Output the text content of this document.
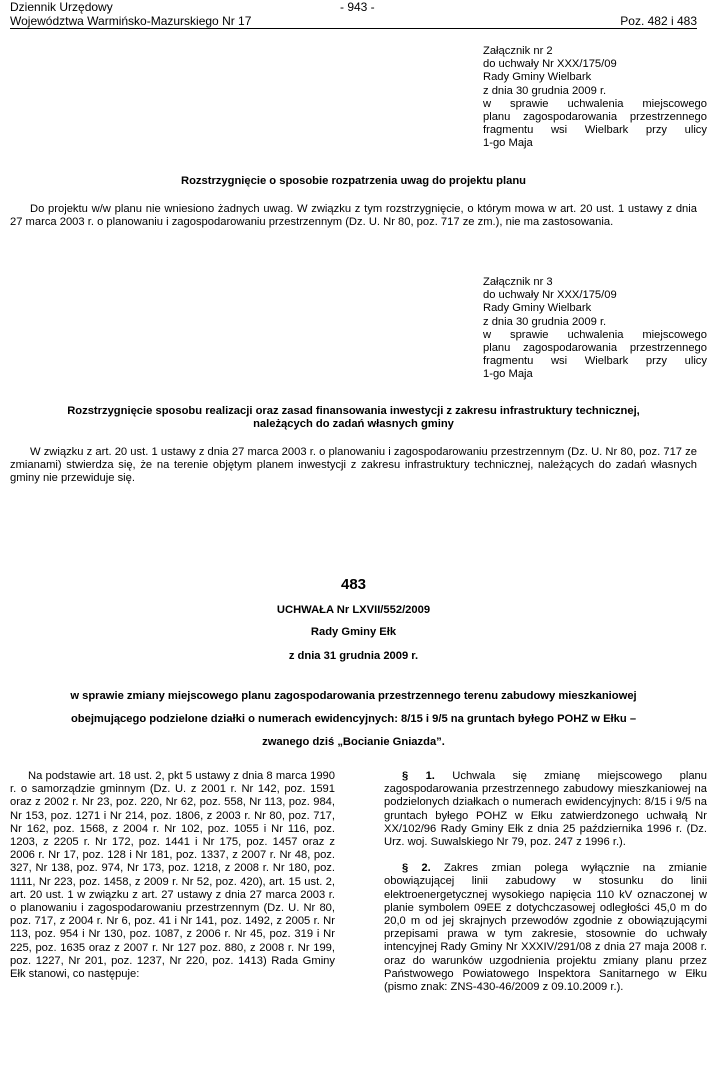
Dziennik Urzędowy
Województwa Warmińsko-Mazurskiego Nr 17
- 943 -
Poz. 482 i 483
Załącznik nr 2
do uchwały Nr XXX/175/09
Rady Gminy Wielbark
z dnia 30 grudnia 2009 r.
w sprawie uchwalenia miejscowego
planu zagospodarowania przestrzennego
fragmentu wsi Wielbark przy ulicy
1-go Maja
Rozstrzygnięcie o sposobie rozpatrzenia uwag do projektu planu
Do projektu w/w planu nie wniesiono żadnych uwag. W związku z tym rozstrzygnięcie, o którym mowa w art. 20 ust. 1 ustawy z dnia 27 marca 2003 r. o planowaniu i zagospodarowaniu przestrzennym (Dz. U. Nr 80, poz. 717 ze zm.), nie ma zastosowania.
Załącznik nr 3
do uchwały Nr XXX/175/09
Rady Gminy Wielbark
z dnia 30 grudnia 2009 r.
w sprawie uchwalenia miejscowego
planu zagospodarowania przestrzennego
fragmentu wsi Wielbark przy ulicy
1-go Maja
Rozstrzygnięcie sposobu realizacji oraz zasad finansowania inwestycji z zakresu infrastruktury technicznej,
należących do zadań własnych gminy
W związku z art. 20 ust. 1 ustawy z dnia 27 marca 2003 r. o planowaniu i zagospodarowaniu przestrzennym (Dz. U. Nr 80, poz. 717 ze zmianami) stwierdza się, że na terenie objętym planem inwestycji z zakresu infrastruktury technicznej, należących do zadań własnych gminy nie przewiduje się.
483
UCHWAŁA Nr LXVII/552/2009
Rady Gminy Ełk
z dnia 31 grudnia 2009 r.
w sprawie zmiany miejscowego planu zagospodarowania przestrzennego terenu zabudowy mieszkaniowej
obejmującego podzielone działki o numerach ewidencyjnych: 8/15 i 9/5 na gruntach byłego POHZ w Ełku –
zwanego dziś „Bocianie Gniazda”.

Na podstawie art. 18 ust. 2, pkt 5 ustawy z dnia 8 marca 1990 r. o samorządzie gminnym (Dz. U. z 2001 r. Nr 142, poz. 1591 oraz z 2002 r. Nr 23, poz. 220, Nr 62, poz. 558, Nr 113, poz. 984, Nr 153, poz. 1271 i Nr 214, poz. 1806, z 2003 r. Nr 80, poz. 717, Nr 162, poz. 1568, z 2004 r. Nr 102, poz. 1055 i Nr 116, poz. 1203, z 2205 r. Nr 172, poz. 1441 i Nr 175, poz. 1457 oraz z 2006 r. Nr 17, poz. 128 i Nr 181, poz. 1337, z 2007 r. Nr 48, poz. 327, Nr 138, poz. 974, Nr 173, poz. 1218, z 2008 r. Nr 180, poz. 1111, Nr 223, poz. 1458, z 2009 r. Nr 52, poz. 420), art. 15 ust. 2, art. 20 ust. 1 w związku z art. 27 ustawy z dnia 27 marca 2003 r. o planowaniu i zagospodarowaniu przestrzennym (Dz. U. Nr 80, poz. 717, z 2004 r. Nr 6, poz. 41 i Nr 141, poz. 1492, z 2005 r. Nr 113, poz. 954 i Nr 130, poz. 1087, z 2006 r. Nr 45, poz. 319 i Nr 225, poz. 1635 oraz z 2007 r. Nr 127 poz. 880, z 2008 r. Nr 199, poz. 1227, Nr 201, poz. 1237, Nr 220, poz. 1413) Rada Gminy Ełk stanowi, co następuje:

§ 1. Uchwala się zmianę miejscowego planu zagospodarowania przestrzennego zabudowy mieszkaniowej na podzielonych działkach o numerach ewidencyjnych: 8/15 i 9/5 na gruntach byłego POHZ w Ełku zatwierdzonego uchwałą Nr XX/102/96 Rady Gminy Ełk z dnia 25 października 1996 r. (Dz. Urz. woj. Suwalskiego Nr 79, poz. 247 z 1996 r.).

§ 2. Zakres zmian polega wyłącznie na zmianie obowiązującej linii zabudowy w stosunku do linii elektroenergetycznej wysokiego napięcia 110 kV oznaczonej w planie symbolem 09EE z dotychczasowej odległości 45,0 m do 20,0 m od jej skrajnych przewodów zgodnie z obowiązującymi przepisami prawa w tym zakresie, stosownie do uchwały intencyjnej Rady Gminy Nr XXXIV/291/08 z dnia 27 maja 2008 r. oraz do warunków uzgodnienia projektu zmiany planu przez Państwowego Powiatowego Inspektora Sanitarnego w Ełku (pismo znak: ZNS-430-46/2009 z 09.10.2009 r.).
